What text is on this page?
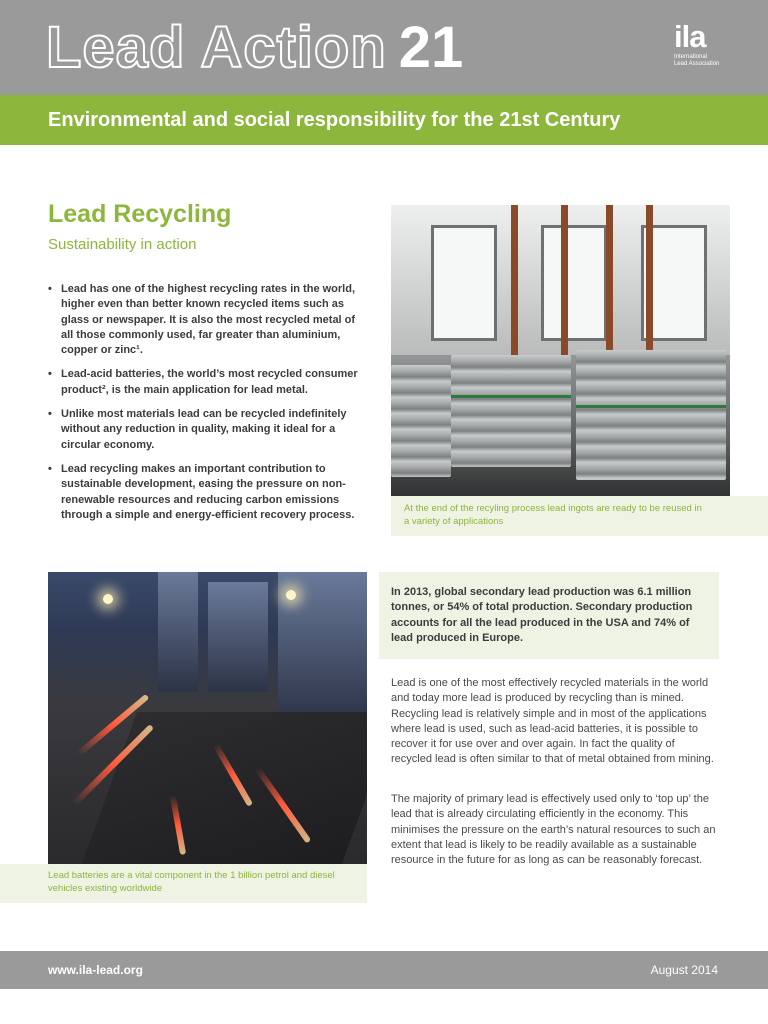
Lead Action 21	ila
International
Lead Association
Environmental and social responsibility for the 21st Century
Lead Recycling
Sustainability in action
• Lead has one of the highest recycling rates in the world, higher even than better known recycled items such as glass or newspaper. It is also the most recycled metal of all those commonly used, far greater than aluminium, copper or zinc¹.
• Lead-acid batteries, the world’s most recycled consumer product², is the main application for lead metal.
• Unlike most materials lead can be recycled indefinitely without any reduction in quality, making it ideal for a circular economy.
• Lead recycling makes an important contribution to sustainable development, easing the pressure on non-renewable resources and reducing carbon emissions through a simple and energy-efficient recovery process.
At the end of the recyling process lead ingots are ready to be reused in a variety of applications
Lead batteries are a vital component in the 1 billion petrol and diesel vehicles existing worldwide
In 2013, global secondary lead production was 6.1 million tonnes, or 54% of total production. Secondary production accounts for all the lead produced in the USA and 74% of lead produced in Europe.

Lead is one of the most effectively recycled materials in the world and today more lead is produced by recycling than is mined. Recycling lead is relatively simple and in most of the applications where lead is used, such as lead-acid batteries, it is possible to recover it for use over and over again. In fact the quality of recycled lead is often similar to that of metal obtained from mining.

The majority of primary lead is effectively used only to ‘top up’ the lead that is already circulating efficiently in the economy. This minimises the pressure on the earth’s natural resources to such an extent that lead is likely to be readily available as a sustainable resource in the future for as long as can be reasonably forecast.

www.ila-lead.org	August 2014
